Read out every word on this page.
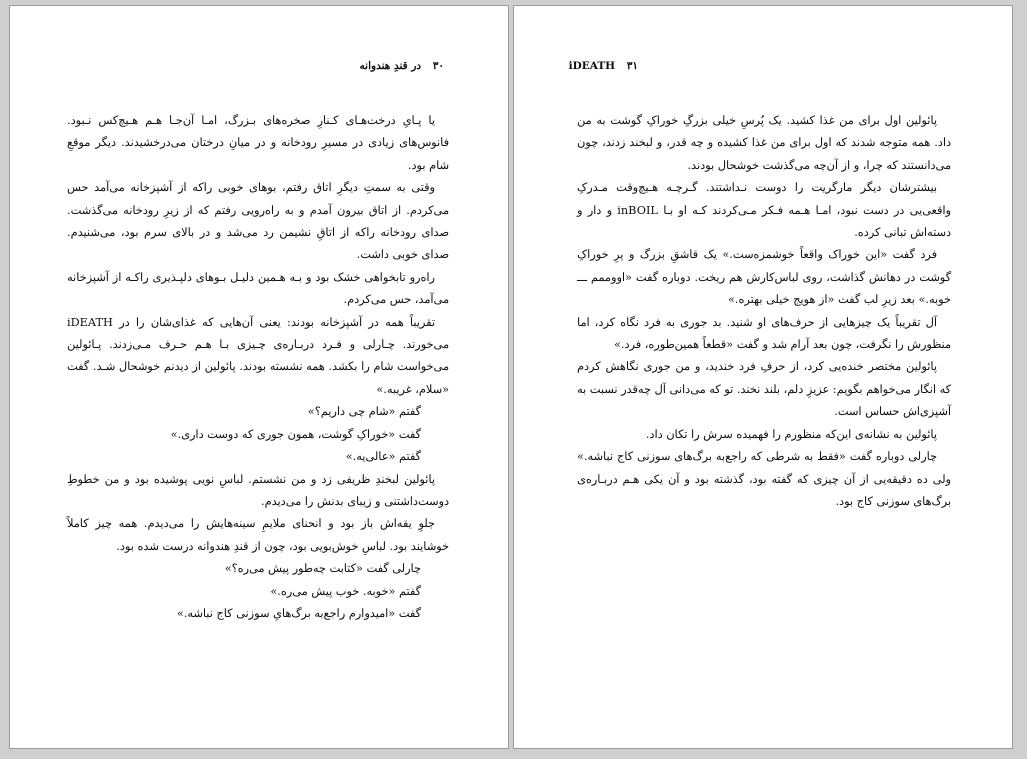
۳۰ در قندِ هندوانه

یا پـایِ درخت‌هـای کـنارِ صخره‌های بـزرگ، امـا آن‌جـا هـم هـیچ‌کس نـبود. فانوس‌های زیادی در مسیرِ رودخانه و در میانِ درختان می‌درخشیدند. دیگر موقعِ شام بود.

وقتی به سمتِ دیگرِ اتاق رفتم، بوهای خوبی راکه از آشپزخانه می‌آمد حس می‌کردم. از اتاق بیرون آمدم و به راه‌رویی رفتم که از زیرِ رودخانه می‌گذشت. صدای رودخانه راکه از اتاقِ نشیمن رد می‌شد و در بالای سرم بود، می‌شنیدم. صدای خوبی داشت.

راه‌رو تابخواهی خشک بود و بـه هـمین دلیـل بـوهای دلپـذیری راکـه از آشپزخانه می‌آمد، حس می‌کردم.

تقریباً همه در آشپزخانه بودند: یعنی آن‌هایی که غذای‌شان را در iDEATH می‌خورند. چـارلی و فـرد دربـاره‌ی چـیزی بـا هـم حـرف مـی‌زدند. پـائولین می‌خواست شام را بکشد. همه نشسته بودند. پائولین از دیدنم خوشحال شـد. گفت «سلام، غریبه.»

گفتم «شام چی داریم؟»

گفت «خوراکِ گوشت، همون جوری که دوست داری.»

گفتم «عالی‌یه.»

پائولین لبخندِ ظریفی زد و من نشستم. لباسِ نویی پوشیده بود و من خطوطِ دوست‌داشتنی و زیبای بدنش را می‌دیدم.

جلوِ یقه‌اش باز بود و انحنای ملایمِ سینه‌هایش را می‌دیدم. همه چیز کاملاً خوشایند بود. لباسِ خوش‌بویی بود، چون از قندِ هندوانه درست شده بود.

چارلی گفت «کتابت چه‌طور پیش می‌ره؟»

گفتم «خوبه. خوب پیش می‌ره.»

گفت «امیدوارم راجع‌به برگ‌هایِ سوزنی کاج نباشه.»

۳۱ iDEATH

پائولین اول برای من غذا کشید. یک پُرسِ خیلی بزرگِ خوراکِ گوشت به من داد. همه متوجه شدند که اول برای من غذا کشیده و چه قدر، و لبخند زدند، چون می‌دانستند که چرا، و از آن‌چه می‌گذشت خوشحال بودند.

بیشترشان دیگر مارگریت را دوست نـداشتند. گـرچـه هـیچ‌وقت مـدرکِ واقعی‌یی در دست نبود، امـا هـمه فـکر مـی‌کردند کـه او بـا inBOIL و دار و دسته‌اش تبانی کرده.

فرد گفت «این خوراک واقعاً خوشمزه‌ست.» یک قاشقِ بزرگ و پرِ خوراکِ گوشت در دهانش گذاشت، روی لباس‌کارش هم ریخت. دوباره گفت «اووممم ـــ خوبه.» بعد زیرِ لب گفت «از هویج خیلی بهتره.»

آل تقریباً یک چیزهایی از حرف‌های او شنید. بد جوری به فرد نگاه کرد، اما منظورش را نگرفت، چون بعد آرام شد و گفت «قطعاً همین‌طوره، فرد.»

پائولین مختصر خنده‌یی کرد، از حرفِ فرد خندید، و من جوری نگاهش کردم که انگار می‌خواهم بگویم: عزیزِ دلم، بلند نخند. تو که می‌دانی آل چه‌قدر نسبت به آشپزی‌اش حساس است.

پائولین به نشانه‌ی این‌که منظورم را فهمیده سرش را تکان داد.

چارلی دوباره گفت «فقط به شرطی که راجع‌به برگ‌های سوزنی کاج نباشه.» ولی ده دقیقه‌یی از آن چیزی که گفته بود، گذشته بود و آن یکی هـم دربـاره‌ی برگ‌های سوزنی کاج بود.
